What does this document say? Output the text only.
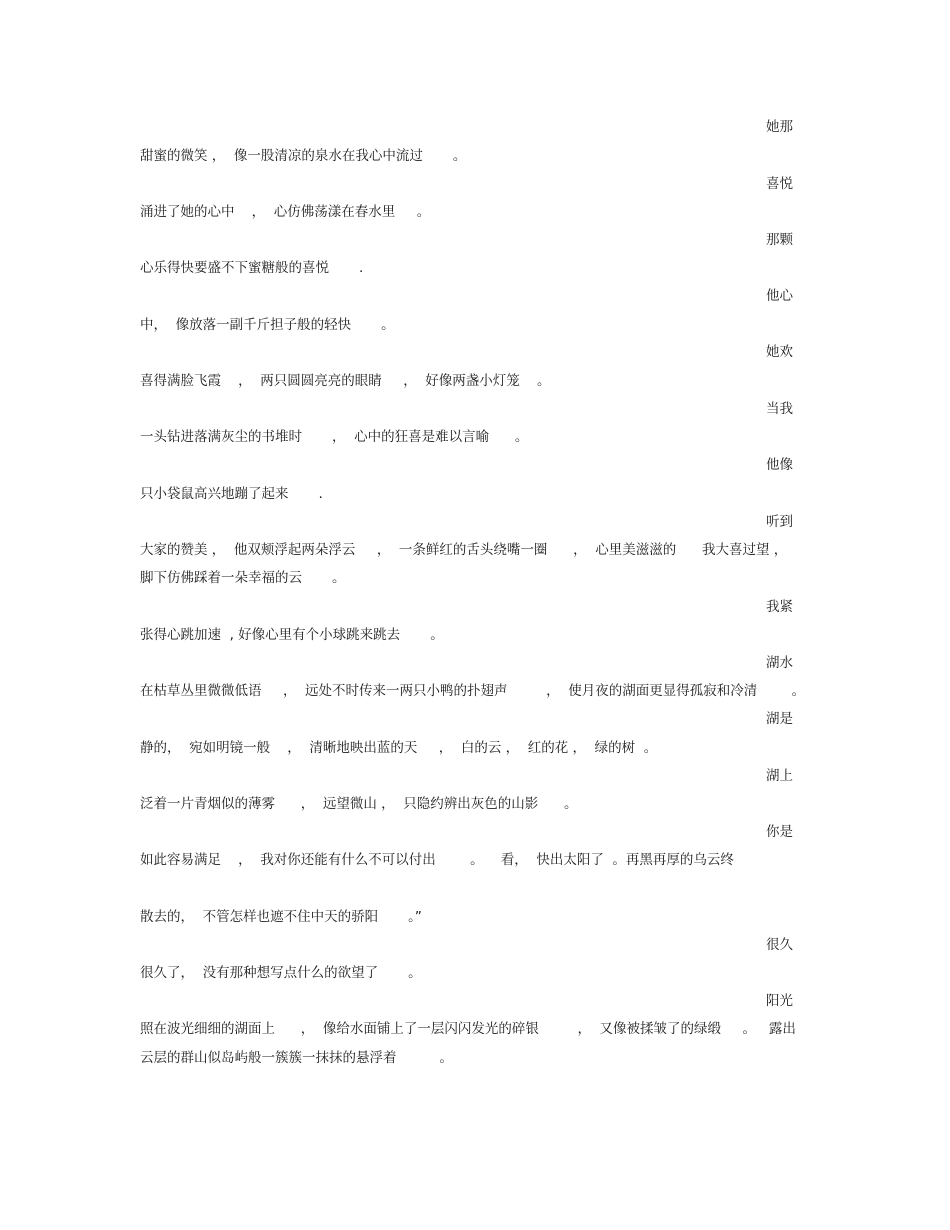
她那
甜蜜的微笑 ，  像一股清凉的泉水在我心中流过       。
喜悦
涌进了她的心中    ，  心仿佛荡漾在春水里     。
那颗
心乐得快要盛不下蜜糖般的喜悦       .
他心
中，  像放落一副千斤担子般的轻快       。
她欢
喜得满脸飞霞    ，  两只圆圆亮亮的眼睛     ，  好像两盏小灯笼    。
当我
一头钻进落满灰尘的书堆时       ，  心中的狂喜是难以言喻      。
他像
只小袋鼠高兴地蹦了起来       .
听到
大家的赞美 ，  他双颊浮起两朵浮云     ，  一条鲜红的舌头绕嘴一圈      ，  心里美滋滋的      我大喜过望 ，
脚下仿佛踩着一朵幸福的云       。
我紧
张得心跳加速  , 好像心里有个小球跳来跳去       。
湖水
在枯草丛里微微低语     ，  远处不时传来一两只小鸭的扑翅声         ，  使月夜的湖面更显得孤寂和冷清        。
湖是
静的，  宛如明镜一般    ，  清晰地映出蓝的天     ，  白的云 ，  红的花 ，  绿的树  。
湖上
泛着一片青烟似的薄雾      ，  远望微山 ，  只隐约辨出灰色的山影      。
你是
如此容易满足    ，  我对你还能有什么不可以付出        。    看，  快出太阳了  。再黑再厚的乌云终
散去的，  不管怎样也遮不住中天的骄阳       。”
很久
很久了，  没有那种想写点什么的欲望了       。
阳光
照在波光细细的湖面上      ，  像给水面铺上了一层闪闪发光的碎银         ，  又像被揉皱了的绿缎     。   露出
云层的群山似岛屿般一簇簇一抹抹的悬浮着          。
